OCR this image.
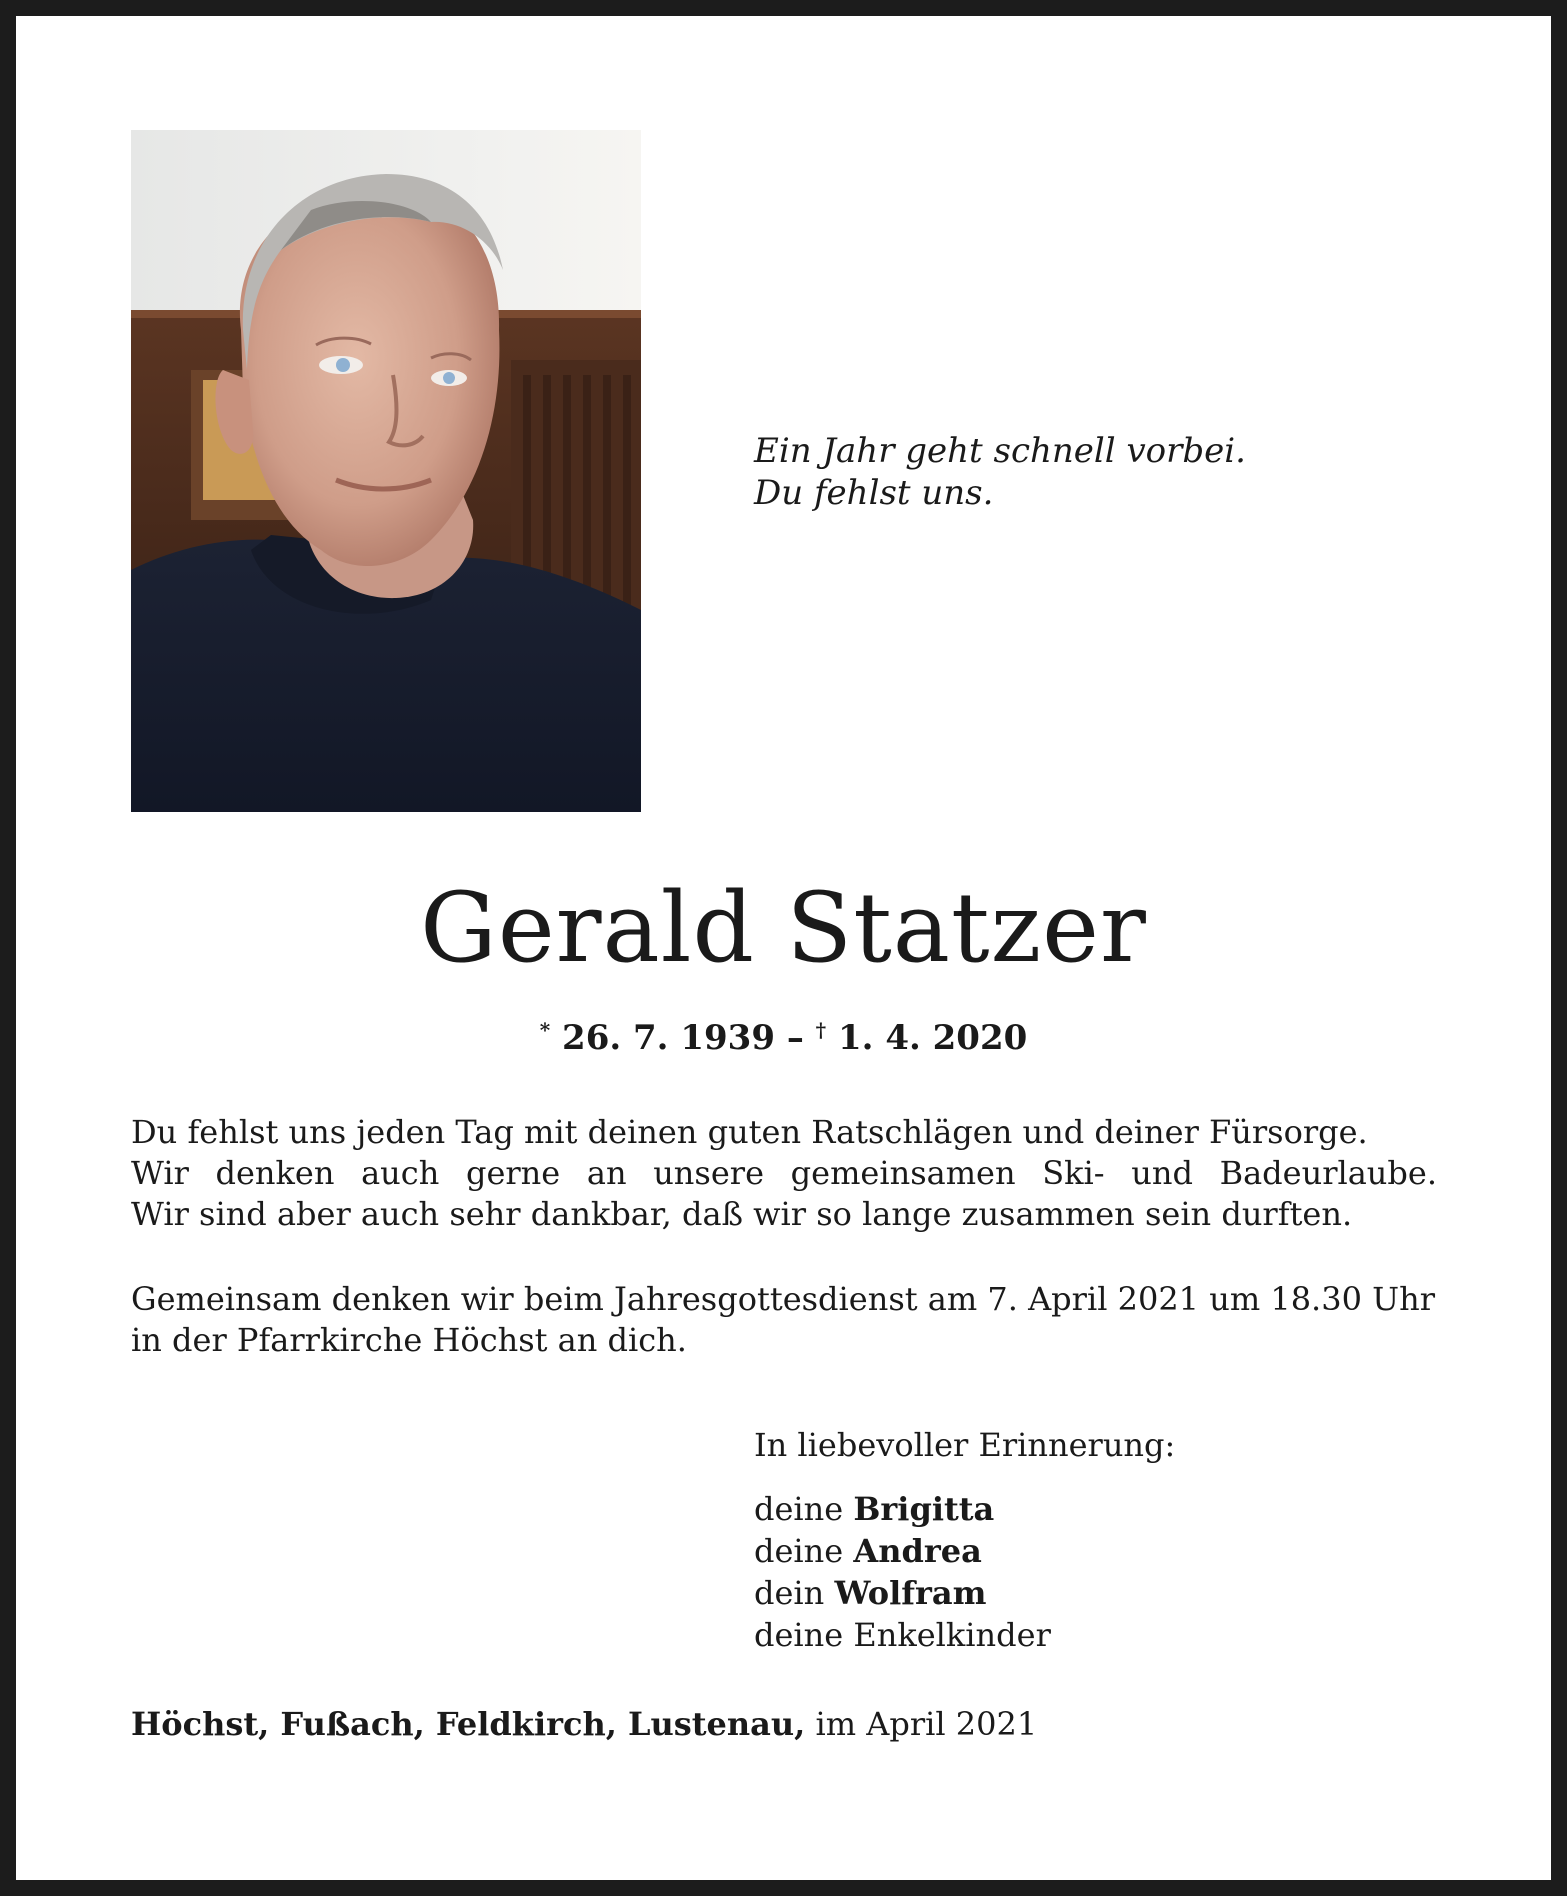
Ein Jahr geht schnell vorbei.
Du fehlst uns.
Gerald Statzer
* 26. 7. 1939 – † 1. 4. 2020
Du fehlst uns jeden Tag mit deinen guten Ratschlägen und deiner Fürsorge.
Wir denken auch gerne an unsere gemeinsamen Ski- und Badeurlaube.
Wir sind aber auch sehr dankbar, daß wir so lange zusammen sein durften.
Gemeinsam denken wir beim Jahresgottesdienst am 7. April 2021 um 18.30 Uhr
in der Pfarrkirche Höchst an dich.
In liebevoller Erinnerung:
deine Brigitta
deine Andrea
dein Wolfram
deine Enkelkinder
Höchst, Fußach, Feldkirch, Lustenau, im April 2021
